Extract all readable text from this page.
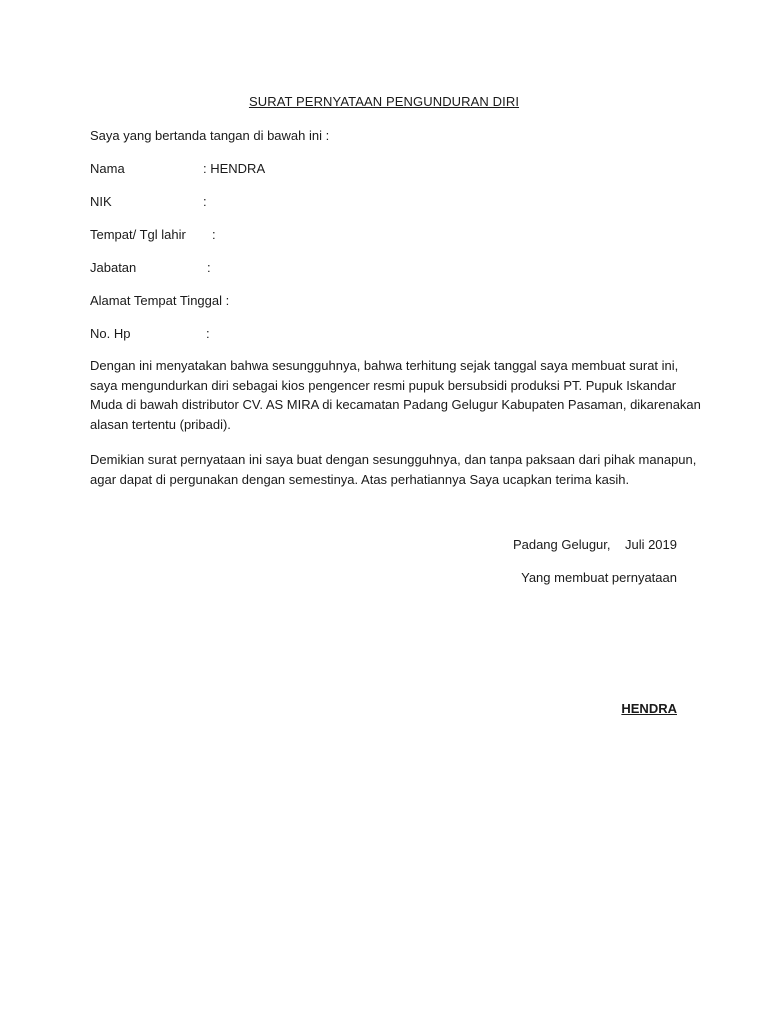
SURAT PERNYATAAN PENGUNDURAN DIRI
Saya yang bertanda tangan di bawah ini :
Nama	: HENDRA
NIK	:
Tempat/ Tgl lahir :
Jabatan	:
Alamat Tempat Tinggal :
No. Hp	:
Dengan ini menyatakan bahwa sesungguhnya, bahwa terhitung sejak tanggal saya membuat surat ini,
saya mengundurkan diri sebagai kios pengencer resmi pupuk bersubsidi produksi PT. Pupuk Iskandar
Muda di bawah distributor CV. AS MIRA di kecamatan Padang Gelugur Kabupaten Pasaman, dikarenakan
alasan tertentu (pribadi).
Demikian surat pernyataan ini saya buat dengan sesungguhnya, dan tanpa paksaan dari pihak manapun,
agar dapat di pergunakan dengan semestinya. Atas perhatiannya Saya ucapkan terima kasih.
Padang Gelugur,    Juli 2019
Yang membuat pernyataan
HENDRA
